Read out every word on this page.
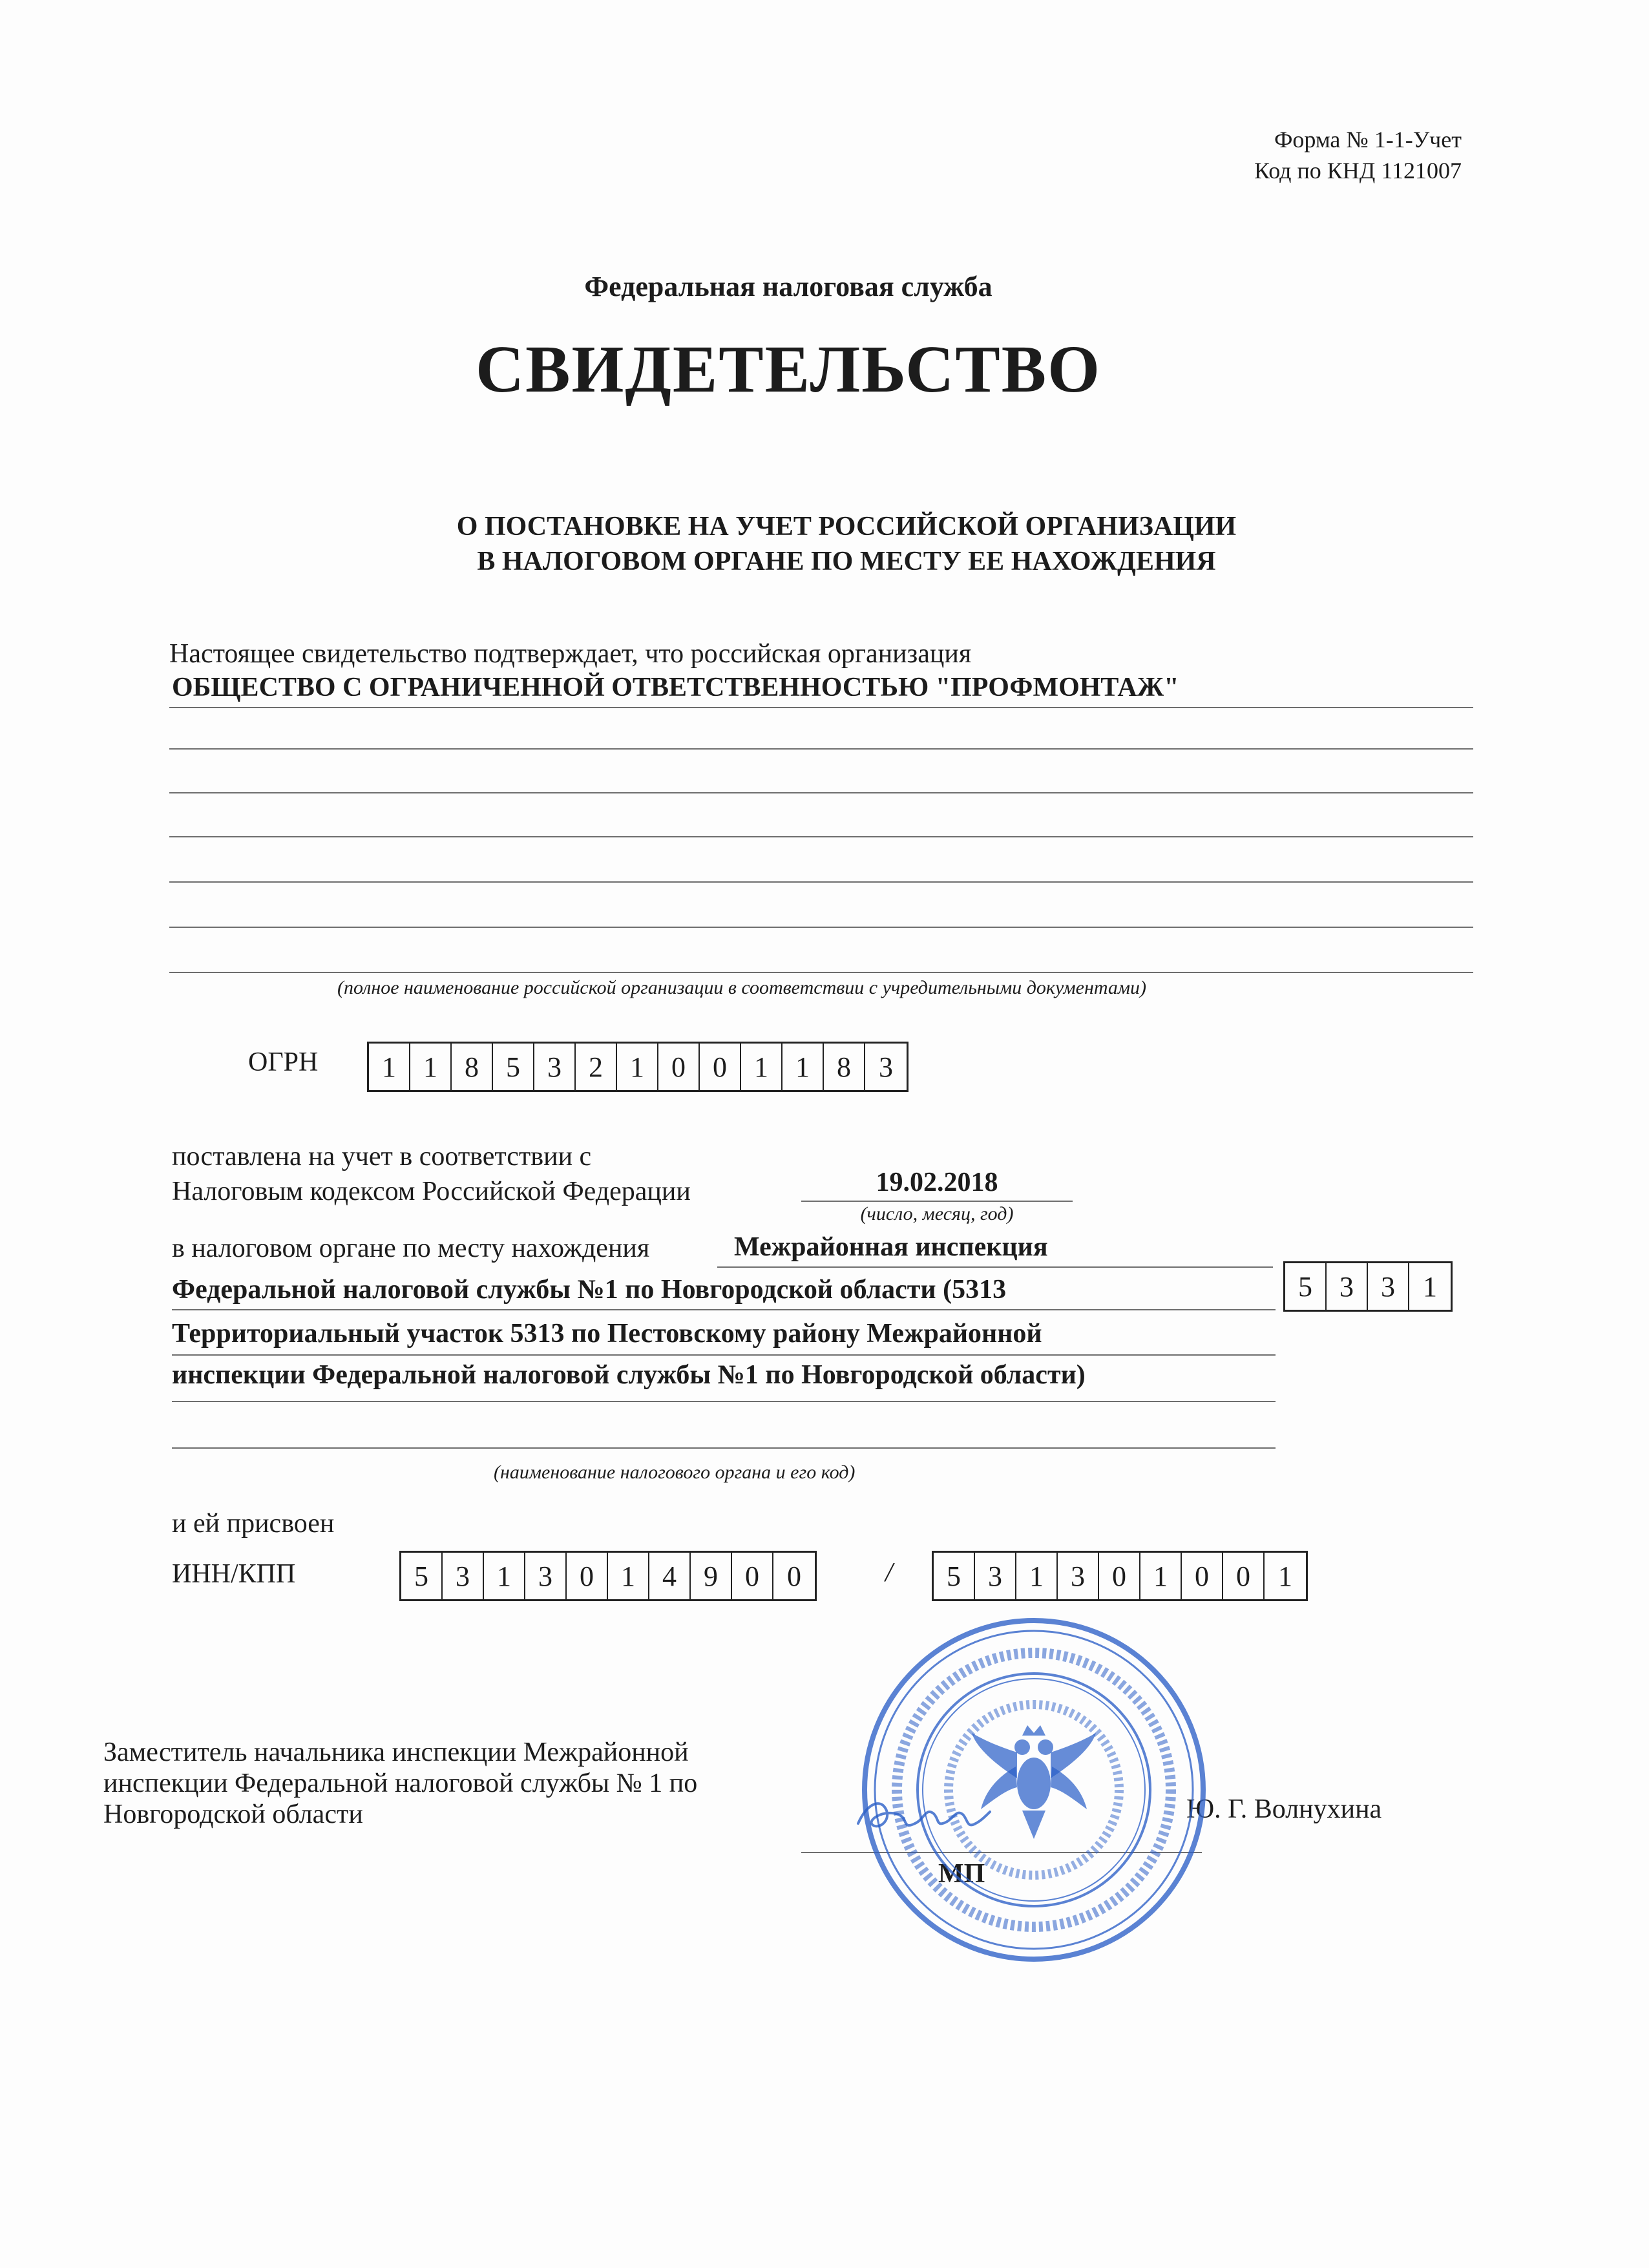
Форма № 1-1-Учет
Код по КНД 1121007
Федеральная налоговая служба
СВИДЕТЕЛЬСТВО
О ПОСТАНОВКЕ НА УЧЕТ РОССИЙСКОЙ ОРГАНИЗАЦИИ
В НАЛОГОВОМ ОРГАНЕ ПО МЕСТУ ЕЕ НАХОЖДЕНИЯ
Настоящее свидетельство подтверждает, что российская организация
ОБЩЕСТВО С ОГРАНИЧЕННОЙ ОТВЕТСТВЕННОСТЬЮ "ПРОФМОНТАЖ"
(полное наименование российской организации в соответствии с учредительными документами)
ОГРН	1 1 8 5 3 2 1 0 0 1 1 8 3
поставлена на учет в соответствии с
Налоговым кодексом Российской Федерации	19.02.2018
(число, месяц, год)
в налоговом органе по месту нахождения	Межрайонная инспекция
Федеральной налоговой службы №1 по Новгородской области (5313	5 3 3 1
Территориальный участок 5313 по Пестовскому району Межрайонной
инспекции Федеральной налоговой службы №1 по Новгородской области)
(наименование налогового органа и его код)
и ей присвоен
ИНН/КПП	5 3 1 3 0 1 4 9 0 0	/	5 3 1 3 0 1 0 0 1
Заместитель начальника инспекции Межрайонной
инспекции Федеральной налоговой службы № 1 по
Новгородской области	Ю. Г. Волнухина
МП
